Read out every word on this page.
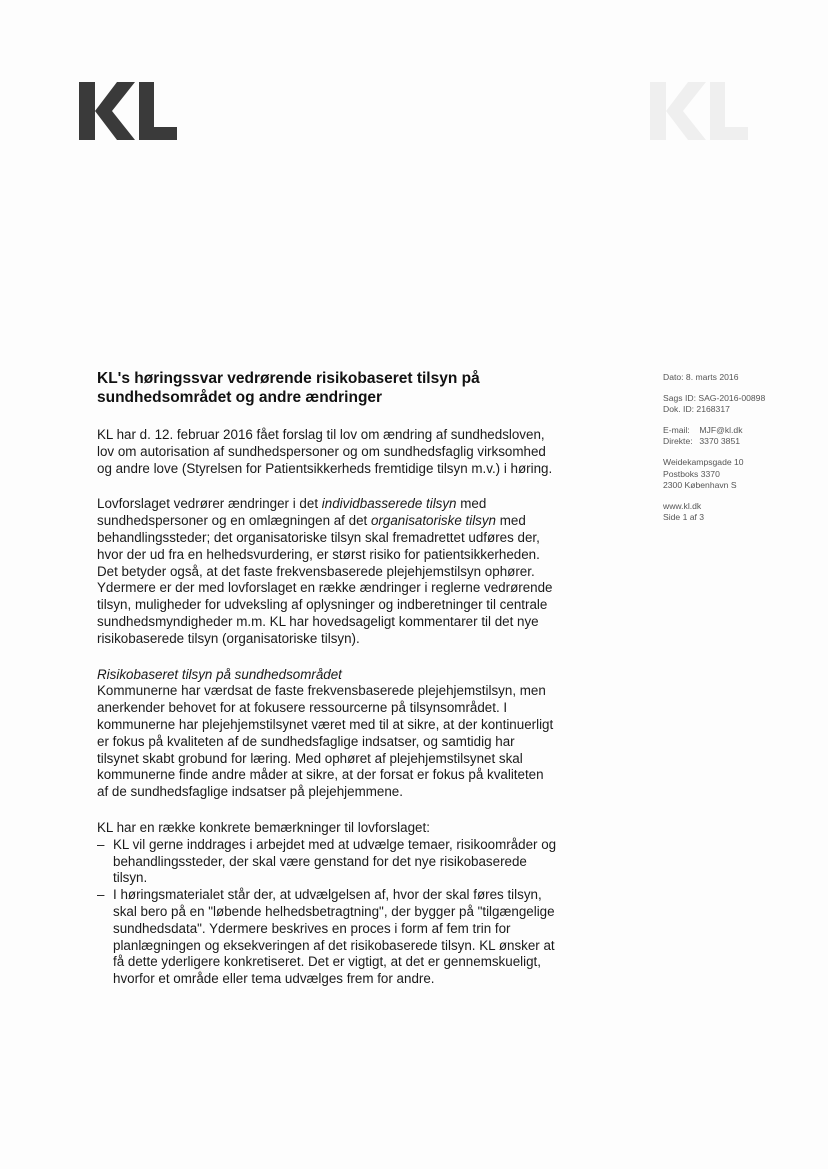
KL's høringssvar vedrørende risikobaseret tilsyn på sundhedsområdet og andre ændringer

KL har d. 12. februar 2016 fået forslag til lov om ændring af sundhedsloven, lov om autorisation af sundhedspersoner og om sundhedsfaglig virksomhed og andre love (Styrelsen for Patientsikkerheds fremtidige tilsyn m.v.) i høring.

Lovforslaget vedrører ændringer i det individbasserede tilsyn med sundhedspersoner og en omlægningen af det organisatoriske tilsyn med behandlingssteder; det organisatoriske tilsyn skal fremadrettet udføres der, hvor der ud fra en helhedsvurdering, er størst risiko for patientsikkerheden. Det betyder også, at det faste frekvensbaserede plejehjemstilsyn ophører. Ydermere er der med lovforslaget en række ændringer i reglerne vedrørende tilsyn, muligheder for udveksling af oplysninger og indberetninger til centrale sundhedsmyndigheder m.m. KL har hovedsageligt kommentarer til det nye risikobaserede tilsyn (organisatoriske tilsyn).

Risikobaseret tilsyn på sundhedsområdet

Kommunerne har værdsat de faste frekvensbaserede plejehjemstilsyn, men anerkender behovet for at fokusere ressourcerne på tilsynsområdet. I kommunerne har plejehjemstilsynet været med til at sikre, at der kontinuerligt er fokus på kvaliteten af de sundhedsfaglige indsatser, og samtidig har tilsynet skabt grobund for læring. Med ophøret af plejehjemstilsynet skal kommunerne finde andre måder at sikre, at der forsat er fokus på kvaliteten af de sundhedsfaglige indsatser på plejehjemmene.

KL har en række konkrete bemærkninger til lovforslaget:

– KL vil gerne inddrages i arbejdet med at udvælge temaer, risikoområder og behandlingssteder, der skal være genstand for det nye risikobaserede tilsyn.
– I høringsmaterialet står der, at udvælgelsen af, hvor der skal føres tilsyn, skal bero på en "løbende helhedsbetragtning", der bygger på "tilgængelige sundhedsdata". Ydermere beskrives en proces i form af fem trin for planlægningen og eksekveringen af det risikobaserede tilsyn. KL ønsker at få dette yderligere konkretiseret. Det er vigtigt, at det er gennemskueligt, hvorfor et område eller tema udvælges frem for andre.
Dato: 8. marts 2016
Sags ID: SAG-2016-00898
Dok. ID: 2168317
E-mail: MJF@kl.dk
Direkte: 3370 3851
Weidekampsgade 10
Postboks 3370
2300 København S
www.kl.dk
Side 1 af 3
